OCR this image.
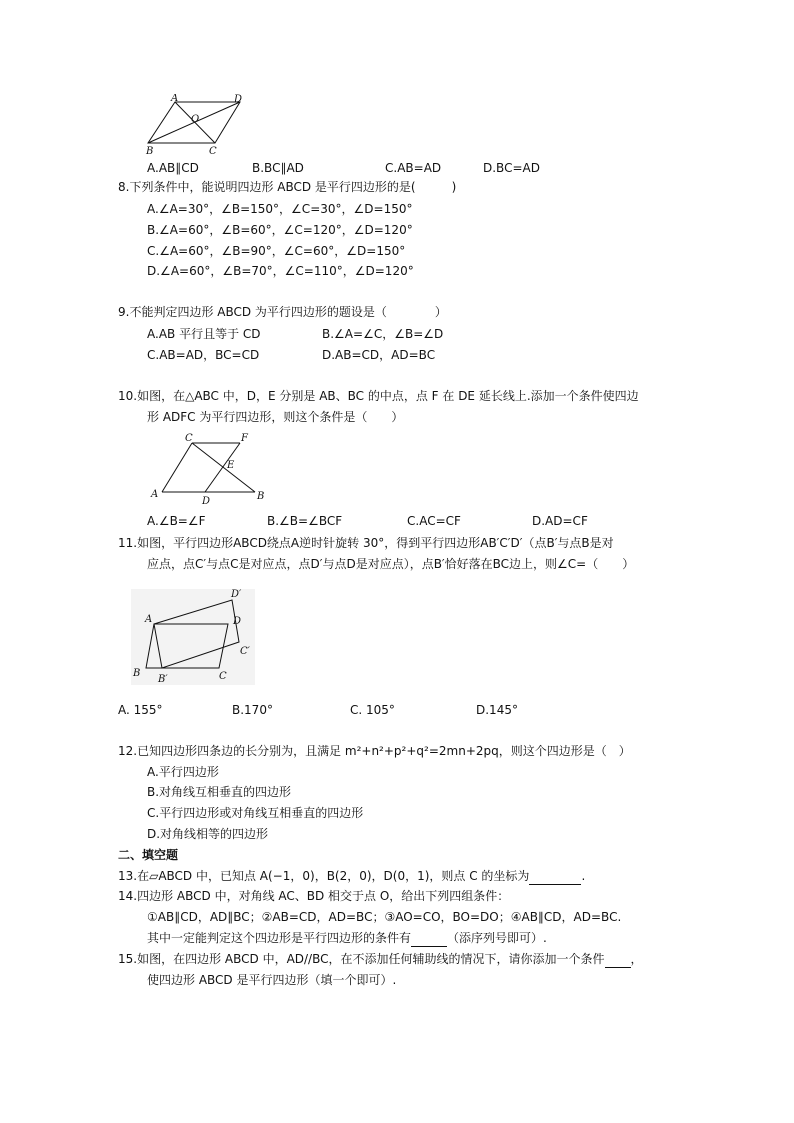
A	D
O
B	C
A.AB∥CD	B.BC∥AD	C.AB=AD	D.BC=AD
8.下列条件中，能说明四边形 ABCD 是平行四边形的是(　　　)
A.∠A=30°，∠B=150°，∠C=30°，∠D=150°
B.∠A=60°，∠B=60°，∠C=120°，∠D=120°
C.∠A=60°，∠B=90°，∠C=60°，∠D=150°
D.∠A=60°，∠B=70°，∠C=110°，∠D=120°
9.不能判定四边形 ABCD 为平行四边形的题设是（　　　　）
A.AB 平行且等于 CD	B.∠A=∠C，∠B=∠D
C.AB=AD，BC=CD	D.AB=CD，AD=BC
10.如图，在△ABC 中，D，E 分别是 AB、BC 的中点，点 F 在 DE 延长线上.添加一个条件使四边
形 ADFC 为平行四边形，则这个条件是（　　）
C	F
E
A
D	B
A.∠B=∠F	B.∠B=∠BCF	C.AC=CF	D.AD=CF
11.如图，平行四边形ABCD绕点A逆时针旋转 30°，得到平行四边形AB′C′D′（点B′与点B是对
应点，点C′与点C是对应点，点D′与点D是对应点），点B′恰好落在BC边上，则∠C=（　　）
D′
A	D
C′
B
B′	C
A. 155°	B.170°	C. 105°	D.145°
12.已知四边形四条边的长分别为，且满足 m²+n²+p²+q²=2mn+2pq，则这个四边形是（　）
A.平行四边形
B.对角线互相垂直的四边形
C.平行四边形或对角线互相垂直的四边形
D.对角线相等的四边形
二、填空题
13.在▱ABCD 中，已知点 A(−1，0)，B(2，0)，D(0，1)，则点 C 的坐标为	.
14.四边形 ABCD 中，对角线 AC、BD 相交于点 O，给出下列四组条件：
①AB∥CD，AD∥BC；②AB=CD，AD=BC；③AO=CO，BO=DO；④AB∥CD，AD=BC.
其中一定能判定这个四边形是平行四边形的条件有	（添序列号即可）.
15.如图，在四边形 ABCD 中，AD//BC，在不添加任何辅助线的情况下，请你添加一个条件 ，
使四边形 ABCD 是平行四边形（填一个即可）.
